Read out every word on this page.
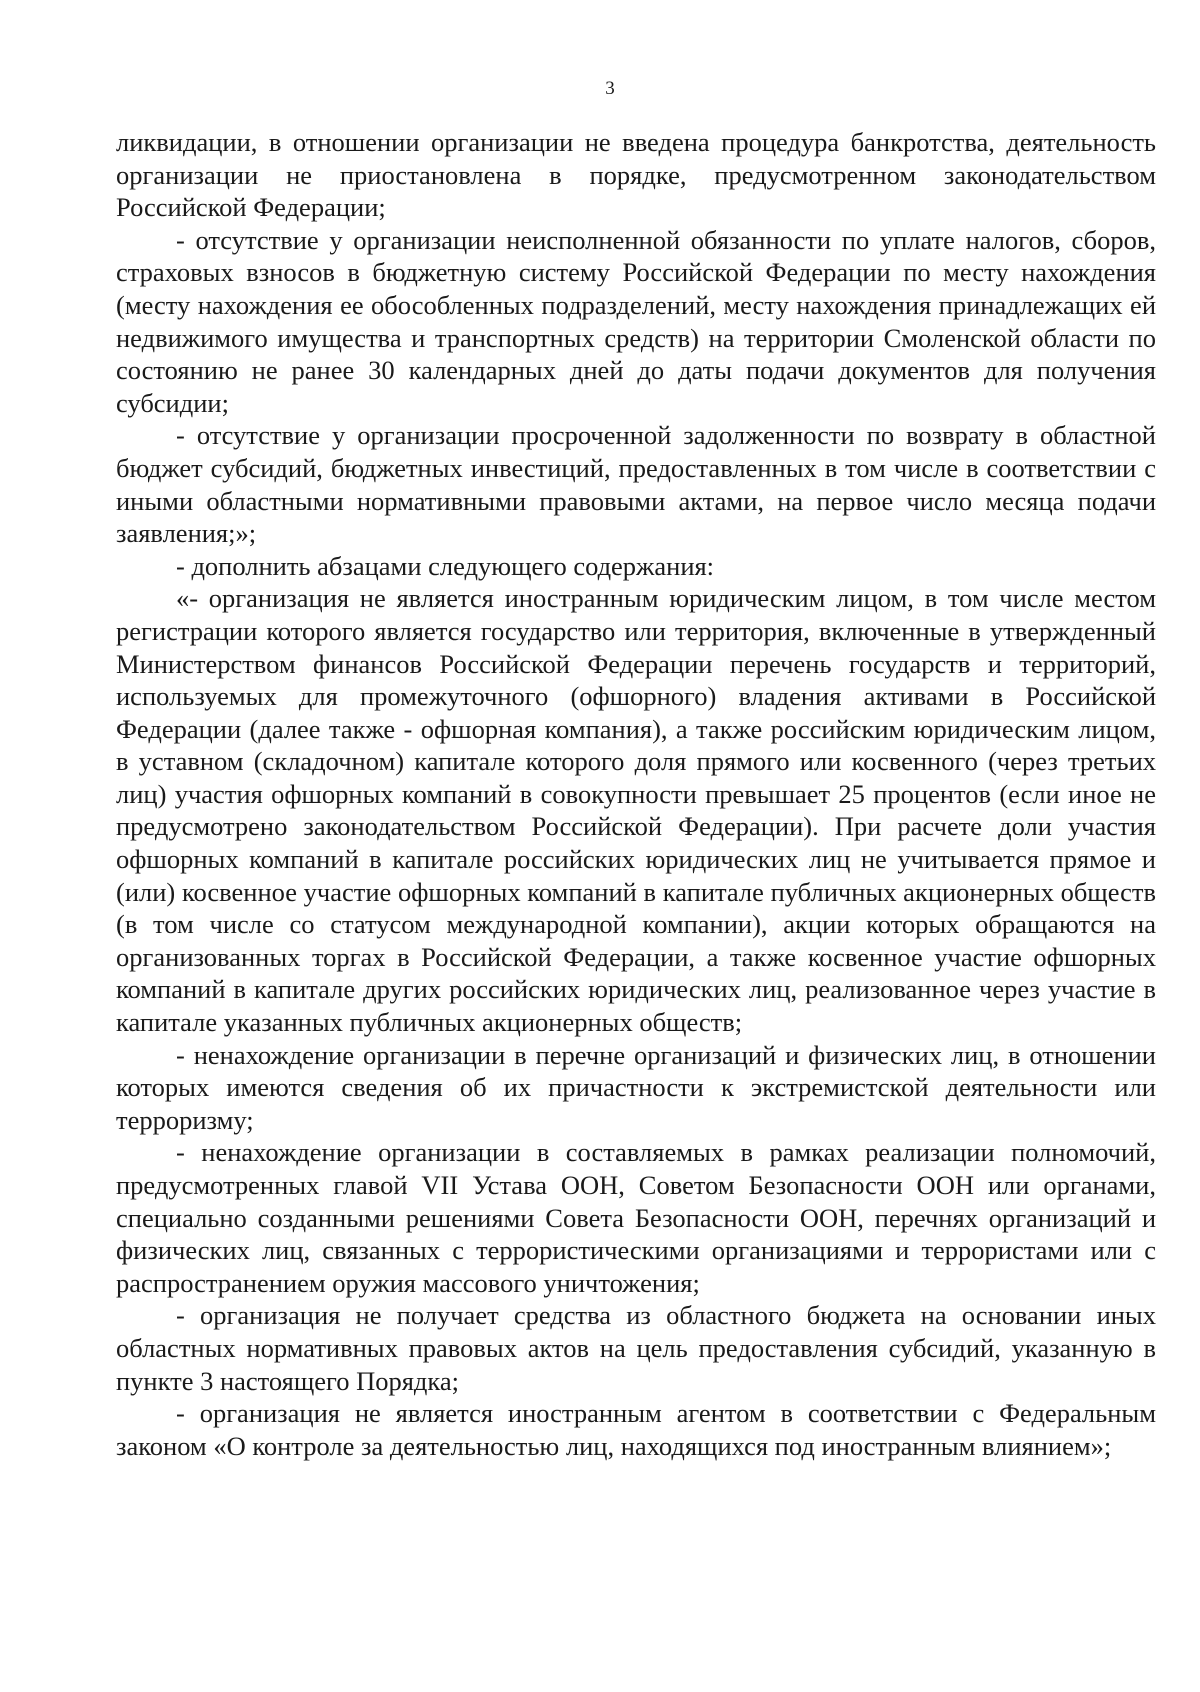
3

ликвидации, в отношении организации не введена процедура банкротства, деятельность организации не приостановлена в порядке, предусмотренном законодательством Российской Федерации;

- отсутствие у организации неисполненной обязанности по уплате налогов, сборов, страховых взносов в бюджетную систему Российской Федерации по месту нахождения (месту нахождения ее обособленных подразделений, месту нахождения принадлежащих ей недвижимого имущества и транспортных средств) на территории Смоленской области по состоянию не ранее 30 календарных дней до даты подачи документов для получения субсидии;

- отсутствие у организации просроченной задолженности по возврату в областной бюджет субсидий, бюджетных инвестиций, предоставленных в том числе в соответствии с иными областными нормативными правовыми актами, на первое число месяца подачи заявления;»;

- дополнить абзацами следующего содержания:

«- организация не является иностранным юридическим лицом, в том числе местом регистрации которого является государство или территория, включенные в утвержденный Министерством финансов Российской Федерации перечень государств и территорий, используемых для промежуточного (офшорного) владения активами в Российской Федерации (далее также - офшорная компания), а также российским юридическим лицом, в уставном (складочном) капитале которого доля прямого или косвенного (через третьих лиц) участия офшорных компаний в совокупности превышает 25 процентов (если иное не предусмотрено законодательством Российской Федерации). При расчете доли участия офшорных компаний в капитале российских юридических лиц не учитывается прямое и (или) косвенное участие офшорных компаний в капитале публичных акционерных обществ (в том числе со статусом международной компании), акции которых обращаются на организованных торгах в Российской Федерации, а также косвенное участие офшорных компаний в капитале других российских юридических лиц, реализованное через участие в капитале указанных публичных акционерных обществ;

- ненахождение организации в перечне организаций и физических лиц, в отношении которых имеются сведения об их причастности к экстремистской деятельности или терроризму;

- ненахождение организации в составляемых в рамках реализации полномочий, предусмотренных главой VII Устава ООН, Советом Безопасности ООН или органами, специально созданными решениями Совета Безопасности ООН, перечнях организаций и физических лиц, связанных с террористическими организациями и террористами или с распространением оружия массового уничтожения;

- организация не получает средства из областного бюджета на основании иных областных нормативных правовых актов на цель предоставления субсидий, указанную в пункте 3 настоящего Порядка;

- организация не является иностранным агентом в соответствии с Федеральным законом «О контроле за деятельностью лиц, находящихся под иностранным влиянием»;
